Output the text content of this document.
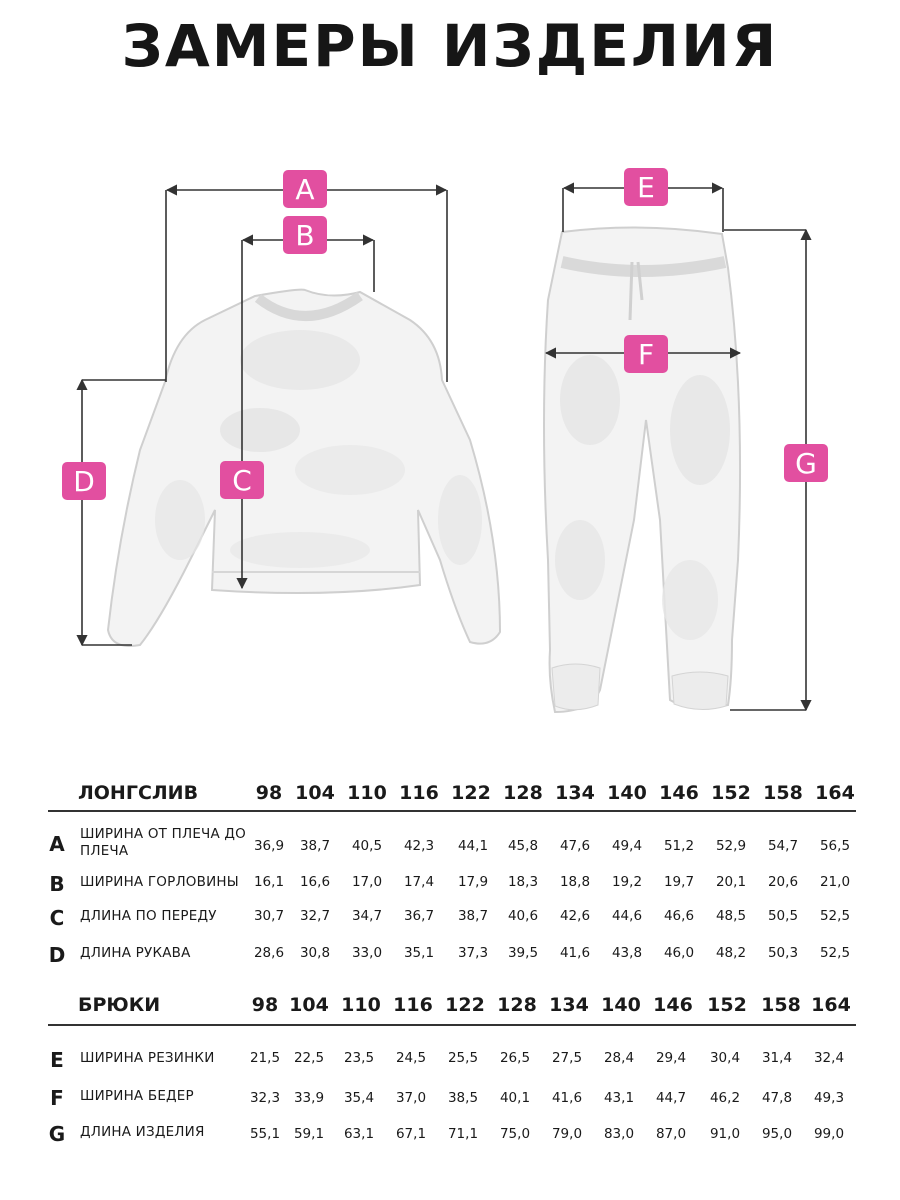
ЗАМЕРЫ ИЗДЕЛИЯ
A
B
C
D
E
F
G
ЛОНГСЛИВ	98 104 110 116 122 128 134 140 146 152 158 164
A ШИРИНА ОТ ПЛЕЧА ДО ПЛЕЧА	36,9	38,7	40,5	42,3	44,1	45,8	47,6	49,4	51,2	52,9	54,7	56,5
B ШИРИНА ГОРЛОВИНЫ	16,1	16,6	17,0	17,4	17,9	18,3	18,8	19,2	19,7	20,1	20,6	21,0
C ДЛИНА ПО ПЕРЕДУ	30,7	32,7	34,7	36,7	38,7	40,6	42,6	44,6	46,6	48,5	50,5	52,5
D ДЛИНА РУКАВА	28,6	30,8	33,0	35,1	37,3	39,5	41,6	43,8	46,0	48,2	50,3	52,5
БРЮКИ	98 104 110 116 122 128 134 140 146 152 158 164
E	ШИРИНА РЕЗИНКИ	21,5	22,5	23,5	24,5	25,5	26,5	27,5	28,4	29,4	30,4	31,4	32,4
F	ШИРИНА БЕДЕР	32,3	33,9	35,4	37,0	38,5	40,1	41,6	43,1	44,7	46,2	47,8	49,3
G ДЛИНА ИЗДЕЛИЯ	55,1	59,1	63,1	67,1	71,1	75,0	79,0	83,0	87,0	91,0	95,0	99,0
